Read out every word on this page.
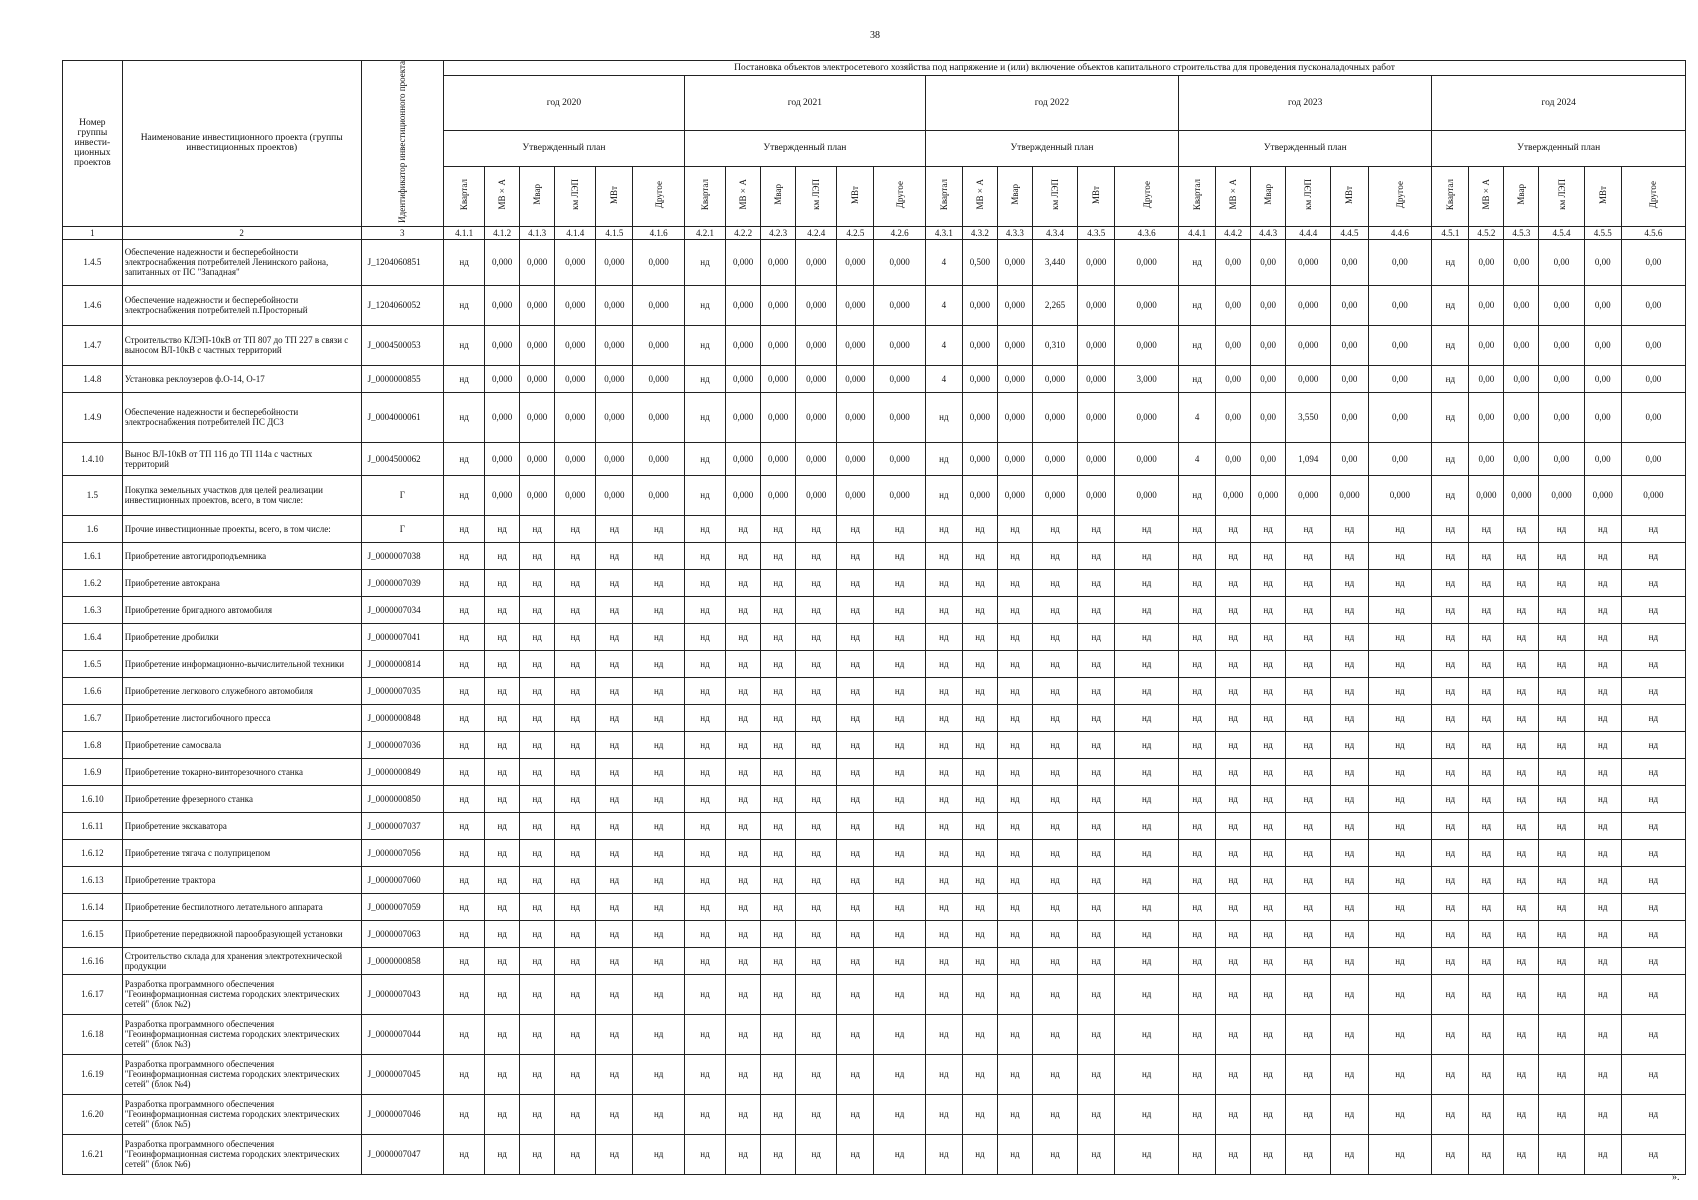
38
Номер группы инвести-ционных проектов	Наименование инвестиционного проекта (группы инвестиционных проектов)	Идентификатор инвестиционного проекта	Постановка объектов электросетевого хозяйства под напряжение и (или) включение объектов капитального строительства для проведения пусконаладочных работ																													
			год 2020						год 2021						год 2022						год 2023						год 2024					
			Утвержденный план						Утвержденный план						Утвержденный план						Утвержденный план						Утвержденный план					
			Квартал	МВ×А	Мвар	км ЛЭП	МВт	Другое	Квартал	МВ×А	Мвар	км ЛЭП	МВт	Другое	Квартал	МВ×А	Мвар	км ЛЭП	МВт	Другое	Квартал	МВ×А	Мвар	км ЛЭП	МВт	Другое	Квартал	МВ×А	Мвар	км ЛЭП	МВт	Другое
1	2	3	4.1.1	4.1.2	4.1.3	4.1.4	4.1.5	4.1.6	4.2.1	4.2.2	4.2.3	4.2.4	4.2.5	4.2.6	4.3.1	4.3.2	4.3.3	4.3.4	4.3.5	4.3.6	4.4.1	4.4.2	4.4.3	4.4.4	4.4.5	4.4.6	4.5.1	4.5.2	4.5.3	4.5.4	4.5.5	4.5.6
1.4.5	Обеспечение надежности и бесперебойности электроснабжения потребителей Ленинского района, запитанных от ПС "Западная"	J_1204060851	нд	0,000	0,000	0,000	0,000	0,000	нд	0,000	0,000	0,000	0,000	0,000	4	0,500	0,000	3,440	0,000	0,000	нд	0,00	0,00	0,000	0,00	0,00	нд	0,00	0,00	0,00	0,00	0,00
1.4.6	Обеспечение надежности и бесперебойности электроснабжения потребителей п.Просторный	J_1204060052	нд	0,000	0,000	0,000	0,000	0,000	нд	0,000	0,000	0,000	0,000	0,000	4	0,000	0,000	2,265	0,000	0,000	нд	0,00	0,00	0,000	0,00	0,00	нд	0,00	0,00	0,00	0,00	0,00
1.4.7	Строительство КЛЭП-10кВ от ТП 807 до ТП 227 в связи с выносом ВЛ-10кВ с частных территорий	J_0004500053	нд	0,000	0,000	0,000	0,000	0,000	нд	0,000	0,000	0,000	0,000	0,000	4	0,000	0,000	0,310	0,000	0,000	нд	0,00	0,00	0,000	0,00	0,00	нд	0,00	0,00	0,00	0,00	0,00
1.4.8	Установка реклоузеров ф.О-14, О-17	J_0000000855	нд	0,000	0,000	0,000	0,000	0,000	нд	0,000	0,000	0,000	0,000	0,000	4	0,000	0,000	0,000	0,000	3,000	нд	0,00	0,00	0,000	0,00	0,00	нд	0,00	0,00	0,00	0,00	0,00
1.4.9	Обеспечение надежности и бесперебойности электроснабжения потребителей ПС ДСЗ	J_0004000061	нд	0,000	0,000	0,000	0,000	0,000	нд	0,000	0,000	0,000	0,000	0,000	нд	0,000	0,000	0,000	0,000	0,000	4	0,00	0,00	3,550	0,00	0,00	нд	0,00	0,00	0,00	0,00	0,00
1.4.10	Вынос ВЛ-10кВ от ТП 116 до ТП 114а с частных территорий	J_0004500062	нд	0,000	0,000	0,000	0,000	0,000	нд	0,000	0,000	0,000	0,000	0,000	нд	0,000	0,000	0,000	0,000	0,000	4	0,00	0,00	1,094	0,00	0,00	нд	0,00	0,00	0,00	0,00	0,00
1.5	Покупка земельных участков для целей реализации инвестиционных проектов, всего, в том числе:	Г	нд	0,000	0,000	0,000	0,000	0,000	нд	0,000	0,000	0,000	0,000	0,000	нд	0,000	0,000	0,000	0,000	0,000	нд	0,000	0,000	0,000	0,000	0,000	нд	0,000	0,000	0,000	0,000	0,000
1.6	Прочие инвестиционные проекты, всего, в том числе:	Г	нд	нд	нд	нд	нд	нд	нд	нд	нд	нд	нд	нд	нд	нд	нд	нд	нд	нд	нд	нд	нд	нд	нд	нд	нд	нд	нд	нд	нд	нд
1.6.1	Приобретение автогидроподъемника	J_0000007038	нд	нд	нд	нд	нд	нд	нд	нд	нд	нд	нд	нд	нд	нд	нд	нд	нд	нд	нд	нд	нд	нд	нд	нд	нд	нд	нд	нд	нд	нд
1.6.2	Приобретение автокрана	J_0000007039	нд	нд	нд	нд	нд	нд	нд	нд	нд	нд	нд	нд	нд	нд	нд	нд	нд	нд	нд	нд	нд	нд	нд	нд	нд	нд	нд	нд	нд	нд
1.6.3	Приобретение бригадного автомобиля	J_0000007034	нд	нд	нд	нд	нд	нд	нд	нд	нд	нд	нд	нд	нд	нд	нд	нд	нд	нд	нд	нд	нд	нд	нд	нд	нд	нд	нд	нд	нд	нд
1.6.4	Приобретение дробилки	J_0000007041	нд	нд	нд	нд	нд	нд	нд	нд	нд	нд	нд	нд	нд	нд	нд	нд	нд	нд	нд	нд	нд	нд	нд	нд	нд	нд	нд	нд	нд	нд
1.6.5	Приобретение информационно-вычислительной техники	J_0000000814	нд	нд	нд	нд	нд	нд	нд	нд	нд	нд	нд	нд	нд	нд	нд	нд	нд	нд	нд	нд	нд	нд	нд	нд	нд	нд	нд	нд	нд	нд
1.6.6	Приобретение легкового служебного автомобиля	J_0000007035	нд	нд	нд	нд	нд	нд	нд	нд	нд	нд	нд	нд	нд	нд	нд	нд	нд	нд	нд	нд	нд	нд	нд	нд	нд	нд	нд	нд	нд	нд
1.6.7	Приобретение листогибочного пресса	J_0000000848	нд	нд	нд	нд	нд	нд	нд	нд	нд	нд	нд	нд	нд	нд	нд	нд	нд	нд	нд	нд	нд	нд	нд	нд	нд	нд	нд	нд	нд	нд
1.6.8	Приобретение самосвала	J_0000007036	нд	нд	нд	нд	нд	нд	нд	нд	нд	нд	нд	нд	нд	нд	нд	нд	нд	нд	нд	нд	нд	нд	нд	нд	нд	нд	нд	нд	нд	нд
1.6.9	Приобретение токарно-винторезочного станка	J_0000000849	нд	нд	нд	нд	нд	нд	нд	нд	нд	нд	нд	нд	нд	нд	нд	нд	нд	нд	нд	нд	нд	нд	нд	нд	нд	нд	нд	нд	нд	нд
1.6.10	Приобретение фрезерного станка	J_0000000850	нд	нд	нд	нд	нд	нд	нд	нд	нд	нд	нд	нд	нд	нд	нд	нд	нд	нд	нд	нд	нд	нд	нд	нд	нд	нд	нд	нд	нд	нд
1.6.11	Приобретение экскаватора	J_0000007037	нд	нд	нд	нд	нд	нд	нд	нд	нд	нд	нд	нд	нд	нд	нд	нд	нд	нд	нд	нд	нд	нд	нд	нд	нд	нд	нд	нд	нд	нд
1.6.12	Приобретение тягача с полуприцепом	J_0000007056	нд	нд	нд	нд	нд	нд	нд	нд	нд	нд	нд	нд	нд	нд	нд	нд	нд	нд	нд	нд	нд	нд	нд	нд	нд	нд	нд	нд	нд	нд
1.6.13	Приобретение трактора	J_0000007060	нд	нд	нд	нд	нд	нд	нд	нд	нд	нд	нд	нд	нд	нд	нд	нд	нд	нд	нд	нд	нд	нд	нд	нд	нд	нд	нд	нд	нд	нд
1.6.14	Приобретение беспилотного летательного аппарата	J_0000007059	нд	нд	нд	нд	нд	нд	нд	нд	нд	нд	нд	нд	нд	нд	нд	нд	нд	нд	нд	нд	нд	нд	нд	нд	нд	нд	нд	нд	нд	нд
1.6.15	Приобретение передвижной парообразующей установки	J_0000007063	нд	нд	нд	нд	нд	нд	нд	нд	нд	нд	нд	нд	нд	нд	нд	нд	нд	нд	нд	нд	нд	нд	нд	нд	нд	нд	нд	нд	нд	нд
1.6.16	Строительство склада для хранения электротехнической продукции	J_0000000858	нд	нд	нд	нд	нд	нд	нд	нд	нд	нд	нд	нд	нд	нд	нд	нд	нд	нд	нд	нд	нд	нд	нд	нд	нд	нд	нд	нд	нд	нд
1.6.17	Разработка программного обеспечения "Геоинформационная система городских электрических сетей" (блок №2)	J_0000007043	нд	нд	нд	нд	нд	нд	нд	нд	нд	нд	нд	нд	нд	нд	нд	нд	нд	нд	нд	нд	нд	нд	нд	нд	нд	нд	нд	нд	нд	нд
1.6.18	Разработка программного обеспечения "Геоинформационная система городских электрических сетей" (блок №3)	J_0000007044	нд	нд	нд	нд	нд	нд	нд	нд	нд	нд	нд	нд	нд	нд	нд	нд	нд	нд	нд	нд	нд	нд	нд	нд	нд	нд	нд	нд	нд	нд
1.6.19	Разработка программного обеспечения "Геоинформационная система городских электрических сетей" (блок №4)	J_0000007045	нд	нд	нд	нд	нд	нд	нд	нд	нд	нд	нд	нд	нд	нд	нд	нд	нд	нд	нд	нд	нд	нд	нд	нд	нд	нд	нд	нд	нд	нд
1.6.20	Разработка программного обеспечения "Геоинформационная система городских электрических сетей" (блок №5)	J_0000007046	нд	нд	нд	нд	нд	нд	нд	нд	нд	нд	нд	нд	нд	нд	нд	нд	нд	нд	нд	нд	нд	нд	нд	нд	нд	нд	нд	нд	нд	нд
1.6.21	Разработка программного обеспечения "Геоинформационная система городских электрических сетей" (блок №6)	J_0000007047	нд	нд	нд	нд	нд	нд	нд	нд	нд	нд	нд	нд	нд	нд	нд	нд	нд	нд	нд	нд	нд	нд	нд	нд	нд	нд	нд	нд	нд	нд
».
